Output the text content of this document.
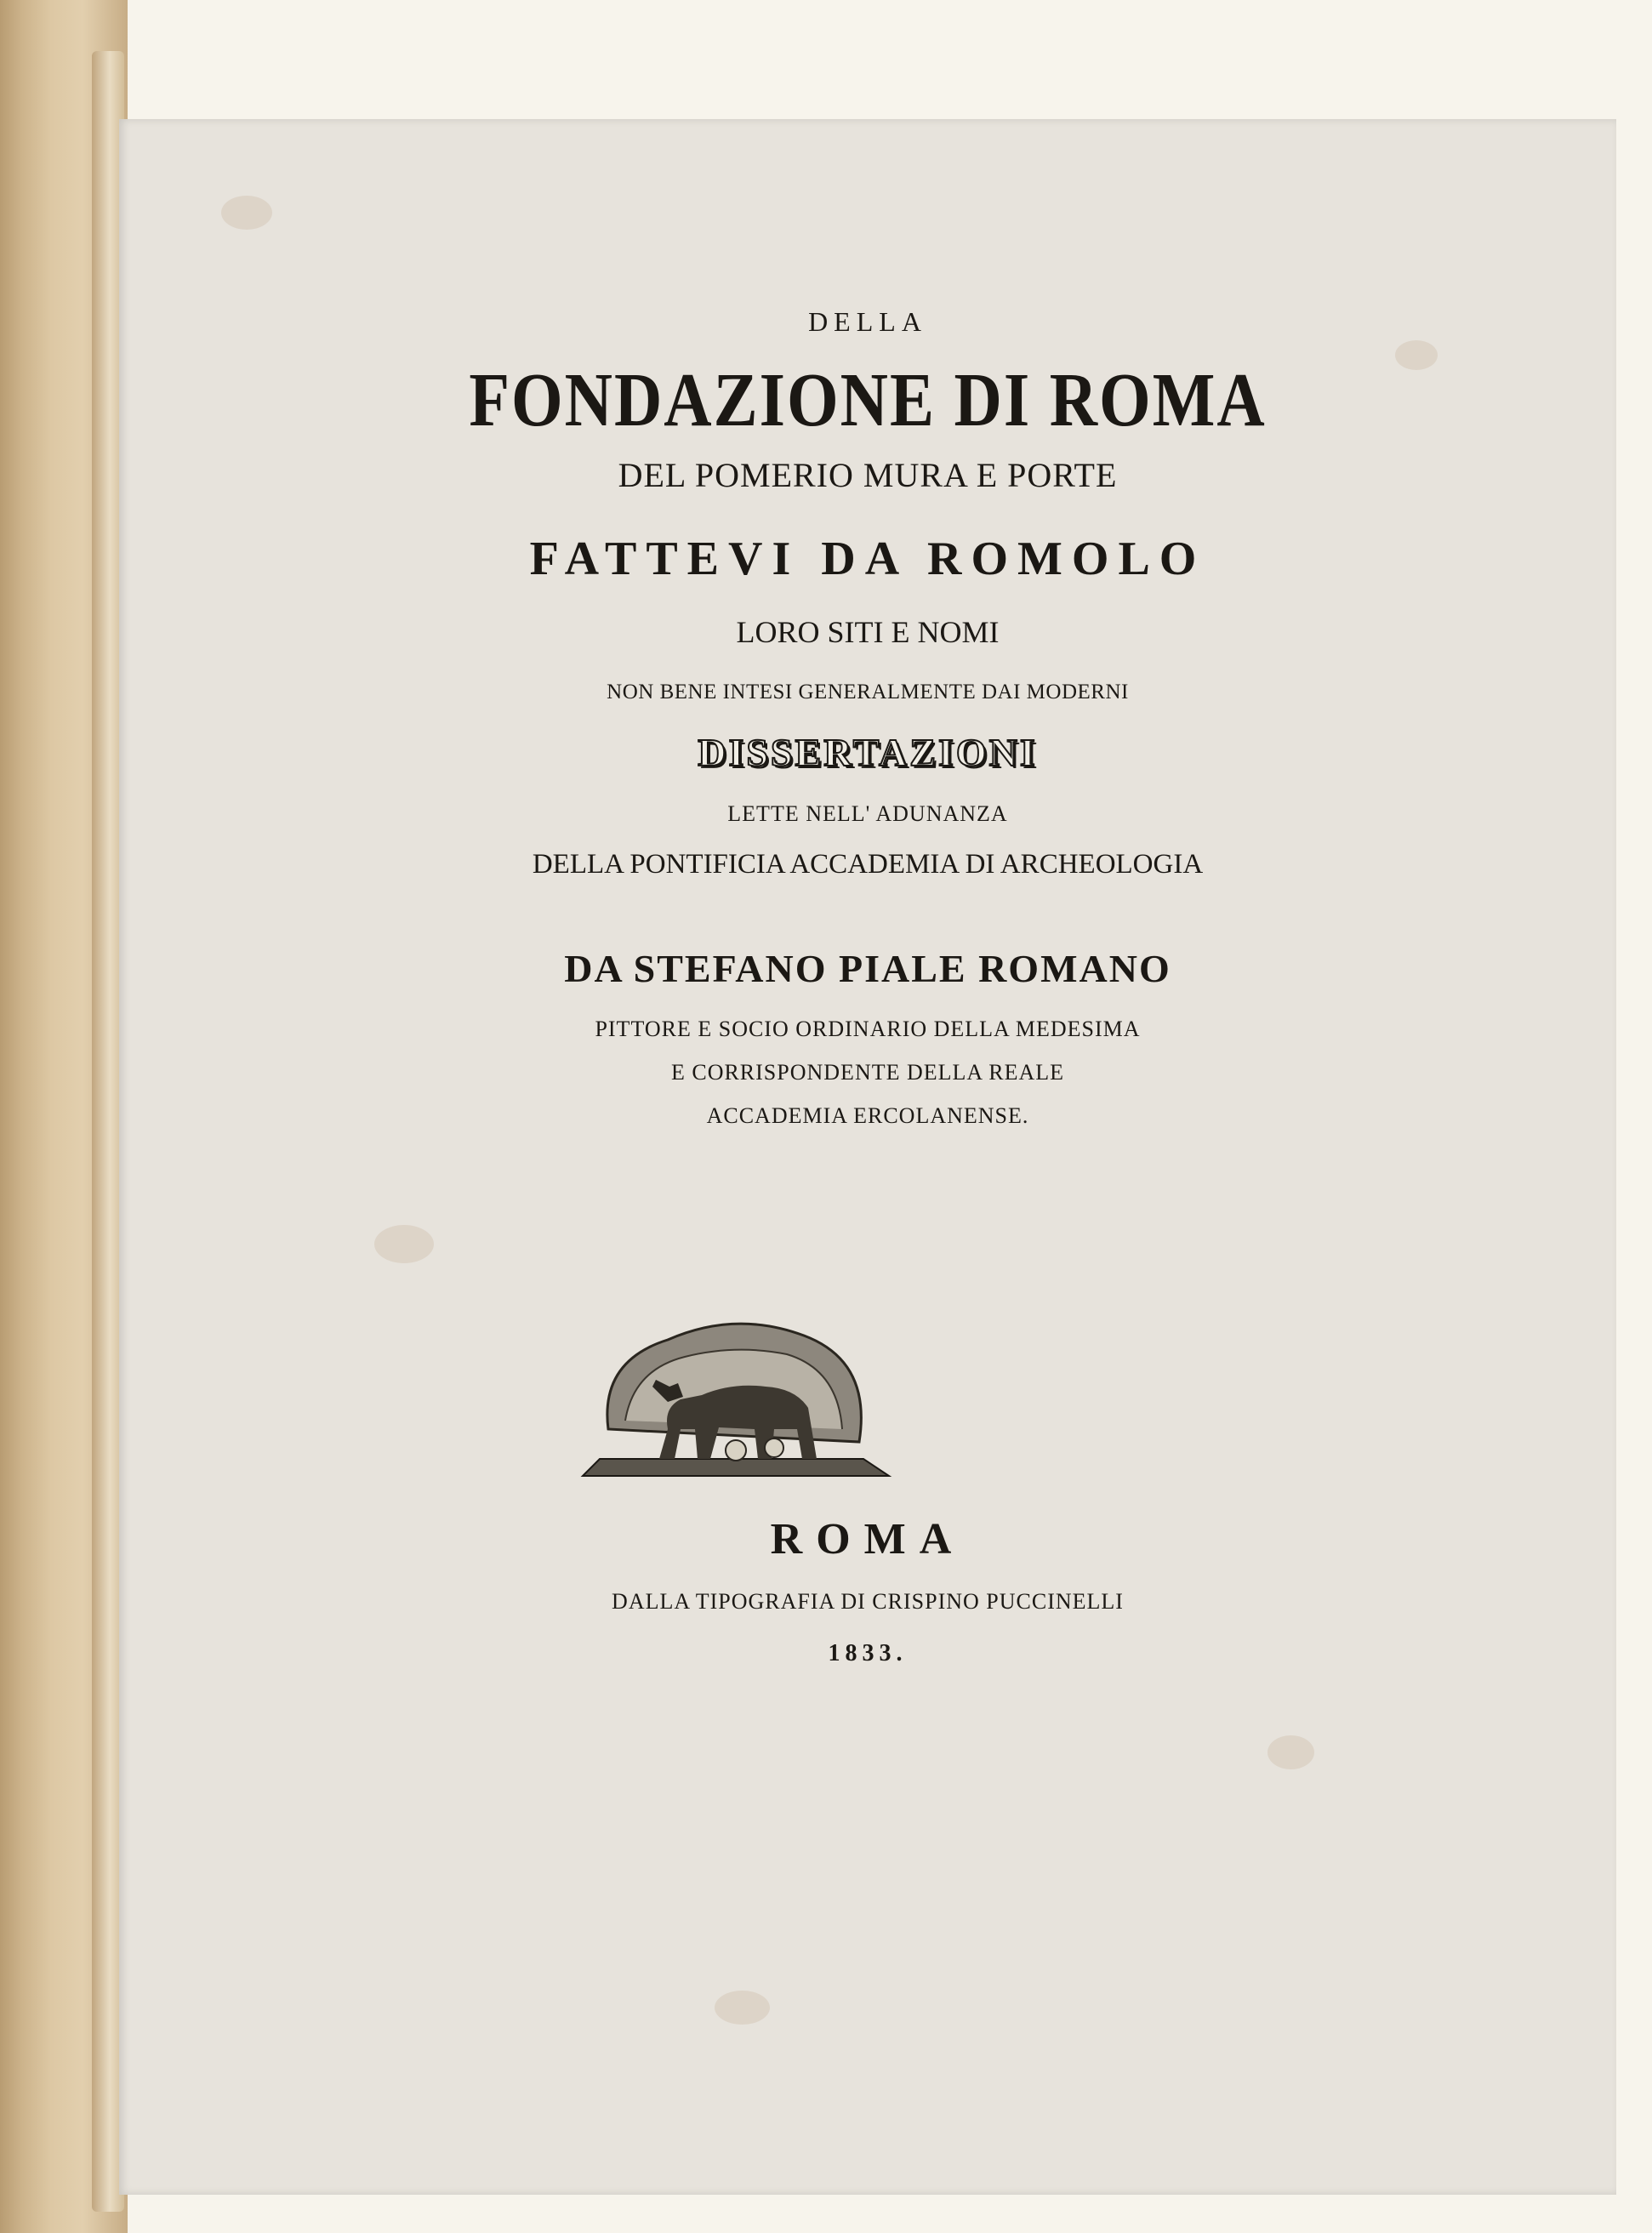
DELLA
FONDAZIONE DI ROMA
DEL POMERIO MURA E PORTE
FATTEVI DA ROMOLO
LORO SITI E NOMI
NON BENE INTESI GENERALMENTE DAI MODERNI
DISSERTAZIONI
LETTE NELL' ADUNANZA
DELLA PONTIFICIA ACCADEMIA DI ARCHEOLOGIA
DA STEFANO PIALE ROMANO
PITTORE E SOCIO ORDINARIO DELLA MEDESIMA
E CORRISPONDENTE DELLA REALE
ACCADEMIA ERCOLANENSE.
ROMA
DALLA TIPOGRAFIA DI CRISPINO PUCCINELLI
1833.
